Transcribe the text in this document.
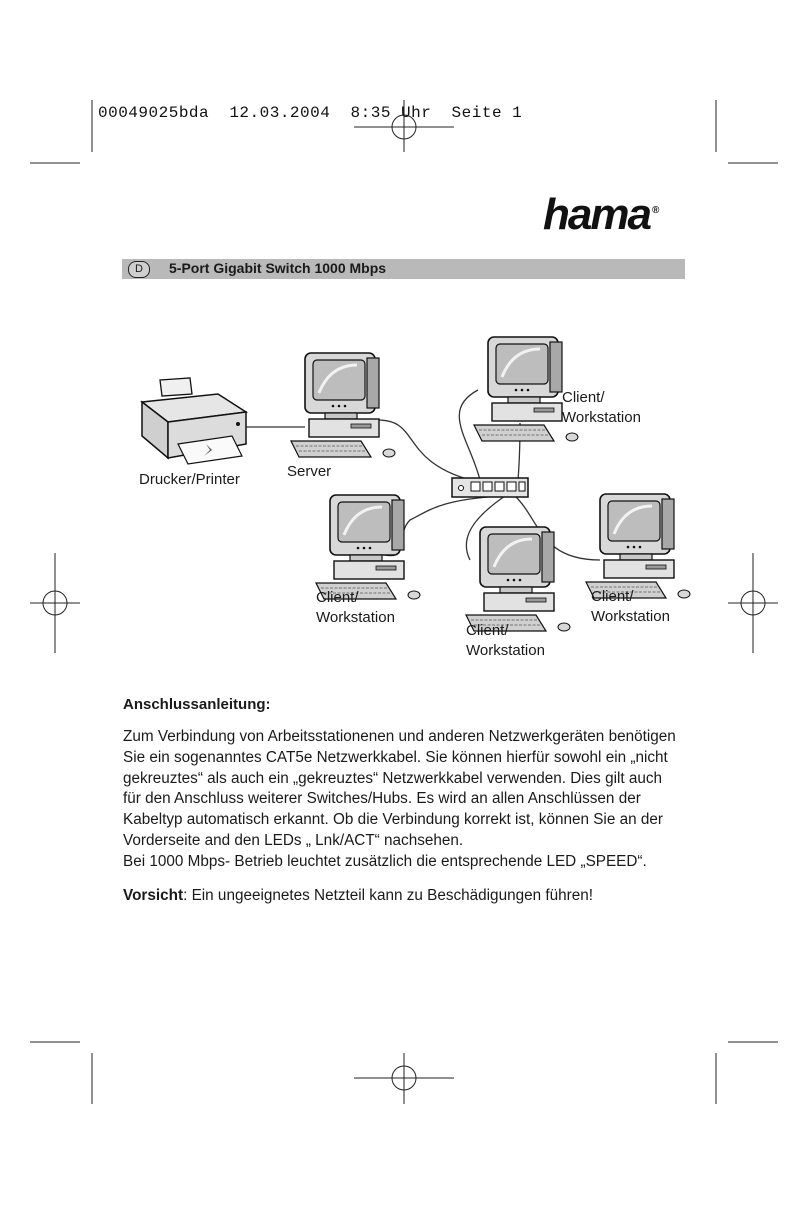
00049025bda  12.03.2004  8:35 Uhr  Seite 1
hama ®
D	5-Port Gigabit Switch 1000 Mbps
Drucker/Printer	Server
Client/
Workstation
Client/
Workstation
Client/
Workstation
Client/
Workstation
Anschlussanleitung:

Zum Verbindung von Arbeitsstationenen und anderen Netzwerkgeräten benötigen

Sie ein sogenanntes CAT5e Netzwerkkabel. Sie können hierfür sowohl ein „nicht

gekreuztes“ als auch ein „gekreuztes“ Netzwerkkabel verwenden. Dies gilt auch

für den Anschluss weiterer Switches/Hubs. Es wird an allen Anschlüssen der

Kabeltyp automatisch erkannt. Ob die Verbindung korrekt ist, können Sie an der

Vorderseite and den LEDs „ Lnk/ACT“ nachsehen.

Bei 1000 Mbps- Betrieb leuchtet zusätzlich die entsprechende LED „SPEED“.

Vorsicht: Ein ungeeignetes Netzteil kann zu Beschädigungen führen!
